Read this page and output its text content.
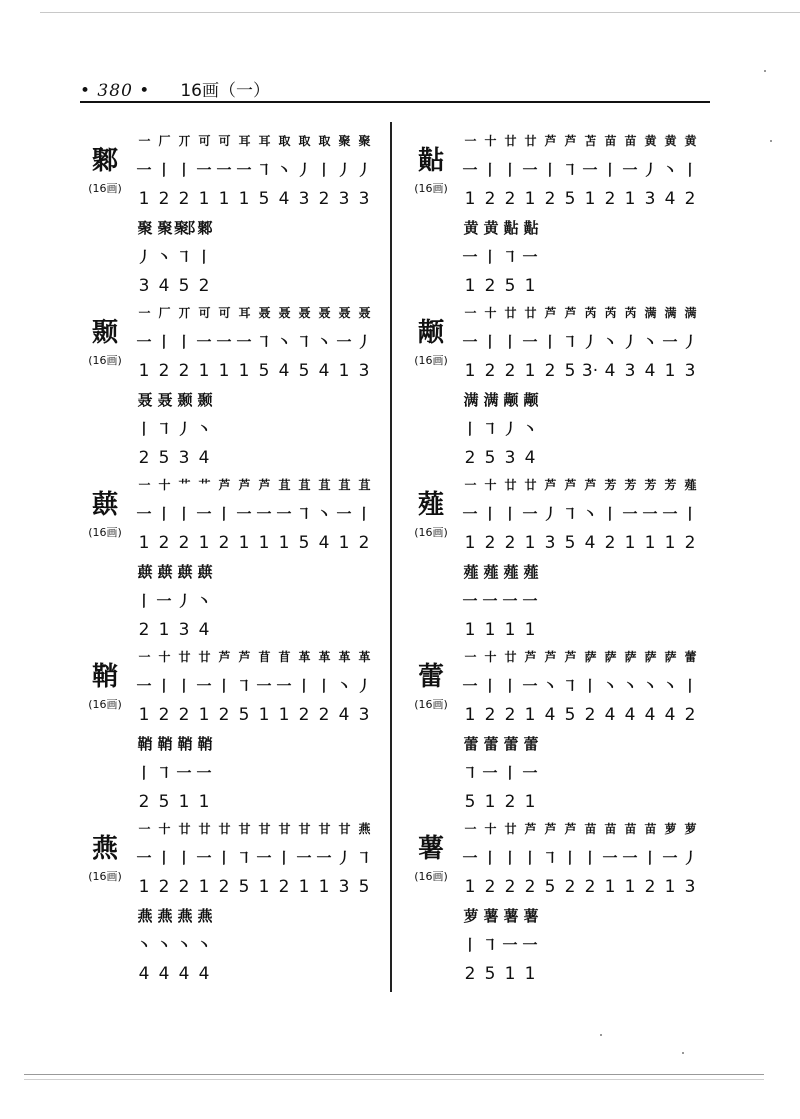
• 380 • 16画（一）
鄹
(16画)
一 厂 丌 可 可 耳 耳 取 取 取 聚 聚
一 丨 丨 一 一 一 ㇕ 丶 丿 丨 丿 丿
1 2 2 1 1 1 5 4 3 2 3 3
聚 聚 聚阝
鄹
丿 丶 ㇕ 丨
3 4 5 2
颞
(16画)
一 厂 丌 可 可 耳 聂 聂 聂 聂 聂 聂
一 丨 丨 一 一 一 ㇕ 丶 ㇕ 丶 一 丿
1 2 2 1 1 1 5 4 5 4 1 3
聂 聂 颞 颞
丨 ㇕ 丿 丶
2 5 3 4
蕻
(16画)
一 十 艹 艹 芦 芦 芦 苴 苴 苴 苴 苴
一 丨 丨 一 丨 一 一 一 ㇕ 丶 一 丨
1 2 2 1 2 1 1 1 5 4 1 2
蕻 蕻 蕻 蕻
丨 一 丿 丶
2 1 3 4
鞘
(16画)
一 十 廿 廿 芦 芦 苜 苜 革 革 革 革
一 丨 丨 一 丨 ㇕ 一 一 丨 丨 丶 丿
1 2 2 1 2 5 1 1 2 2 4 3
鞘 鞘 鞘 鞘
丨 ㇕ 一 一
2 5 1 1
燕
(16画)
一 十 廿 廿 廿 甘 甘 甘 甘 甘 甘 燕
一 丨 丨 一 丨 ㇕ 一 丨 一 一 丿 ㇕
1 2 2 1 2 5 1 2 1 1 3 5
燕 燕 燕 燕
丶 丶 丶 丶
4 4 4 4
黇
(16画)
一 十 廿 廿 芦 芦 苫 苗 苗 黄 黄 黄
一 丨 丨 一 丨 ㇕ 一 丨 一 丿 丶 丨
1 2 2 1 2 5 1 2 1 3 4 2
黄 黄 黇 黇
一 丨 ㇕ 一
1 2 5 1
颟
(16画)
一 十 廿 廿 芦 芦 芮 芮 芮 满 满 满
一 丨 丨 一 丨 ㇕ 丿 丶 丿 丶 一 丿
1 2 2 1 2 5 3· 4 3 4 1 3
满 满 颟 颟
丨 ㇕ 丿 丶
2 5 3 4
薤
(16画)
一 十 廿 廿 芦 芦 芦 芳 芳 芳 芳 薤
一 丨 丨 一 丿 ㇕ 丶 丨 一 一 一 丨
1 2 2 1 3 5 4 2 1 1 1 2
薤 薤 薤 薤
一 一 一 一
1 1 1 1
蕾
(16画)
一 十 廿 芦 芦 芦 萨 萨 萨 萨 萨 蕾
一 丨 丨 一 丶 ㇕ 丨 丶 丶 丶 丶 丨
1 2 2 1 4 5 2 4 4 4 4 2
蕾 蕾 蕾 蕾
㇕ 一 丨 一
5 1 2 1
薯
(16画)
一 十 廿 芦 芦 芦 苗 苗 苗 苗 萝 萝
一 丨 丨 丨 ㇕ 丨 丨 一 一 丨 一 丿
1 2 2 2 5 2 2 1 1 2 1 3
萝 薯 薯 薯
丨 ㇕ 一 一
2 5 1 1
